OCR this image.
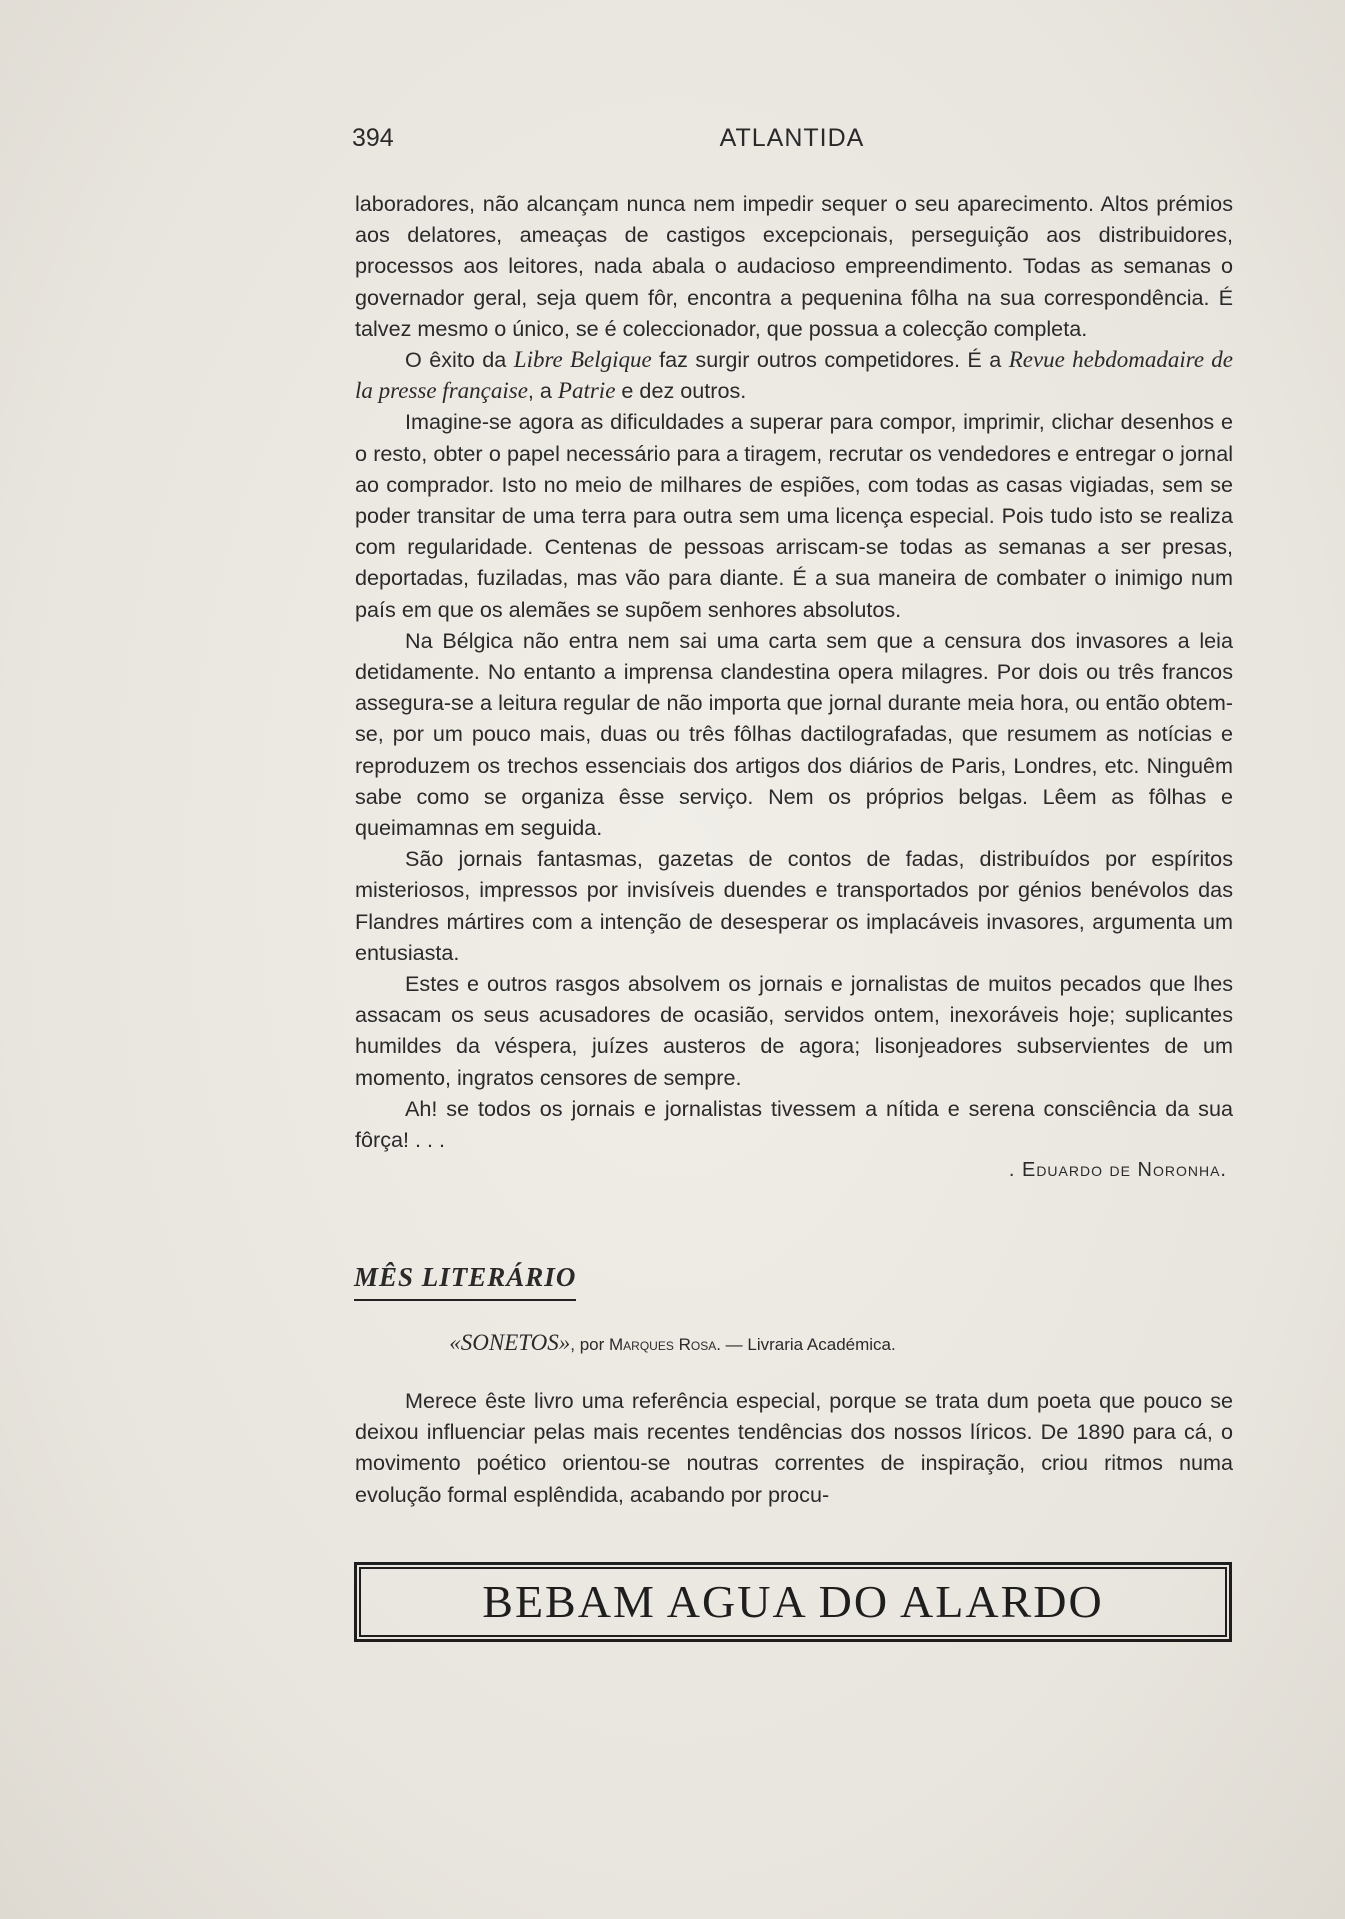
394	ATLANTIDA

laboradores, não alcançam nunca nem impedir sequer o seu aparecimento. Altos prémios aos delatores, ameaças de castigos excepcionais, perseguição aos distribuidores, processos aos leitores, nada abala o audacioso empreendimento. Todas as semanas o governador geral, seja quem fôr, encontra a pequenina fôlha na sua correspondência. É talvez mesmo o único, se é coleccionador, que possua a colecção completa.

O êxito da Libre Belgique faz surgir outros competidores. É a Revue hebdomadaire de la presse française, a Patrie e dez outros.

Imagine-se agora as dificuldades a superar para compor, imprimir, clichar desenhos e o resto, obter o papel necessário para a tiragem, recrutar os vendedores e entregar o jornal ao comprador. Isto no meio de milhares de espiões, com todas as casas vigiadas, sem se poder transitar de uma terra para outra sem uma licença especial. Pois tudo isto se realiza com regularidade. Centenas de pessoas arriscam-se todas as semanas a ser presas, deportadas, fuziladas, mas vão para diante. É a sua maneira de combater o inimigo num país em que os alemães se supõem senhores absolutos.

Na Bélgica não entra nem sai uma carta sem que a censura dos invasores a leia detidamente. No entanto a imprensa clandestina opera milagres. Por dois ou três francos assegura-se a leitura regular de não importa que jornal durante meia hora, ou então obtem-se, por um pouco mais, duas ou três fôlhas dactilografadas, que resumem as notícias e reproduzem os trechos essenciais dos artigos dos diários de Paris, Londres, etc. Ninguêm sabe como se organiza êsse serviço. Nem os próprios belgas. Lêem as fôlhas e queimamnas em seguida.

São jornais fantasmas, gazetas de contos de fadas, distribuídos por espíritos misteriosos, impressos por invisíveis duendes e transportados por génios benévolos das Flandres mártires com a intenção de desesperar os implacáveis invasores, argumenta um entusiasta.

Estes e outros rasgos absolvem os jornais e jornalistas de muitos pecados que lhes assacam os seus acusadores de ocasião, servidos ontem, inexoráveis hoje; suplicantes humildes da véspera, juízes austeros de agora; lisonjeadores subservientes de um momento, ingratos censores de sempre.

Ah! se todos os jornais e jornalistas tivessem a nítida e serena consciência da sua fôrça! . . .

. Eduardo de Noronha.
MÊS LITERÁRIO
«SONETOS», por Marques Rosa. — Livraria Académica.

Merece êste livro uma referência especial, porque se trata dum poeta que pouco se deixou influenciar pelas mais recentes tendências dos nossos líricos. De 1890 para cá, o movimento poético orientou-se noutras correntes de inspiração, criou ritmos numa evolução formal esplêndida, acabando por procu-

BEBAM AGUA DO ALARDO
